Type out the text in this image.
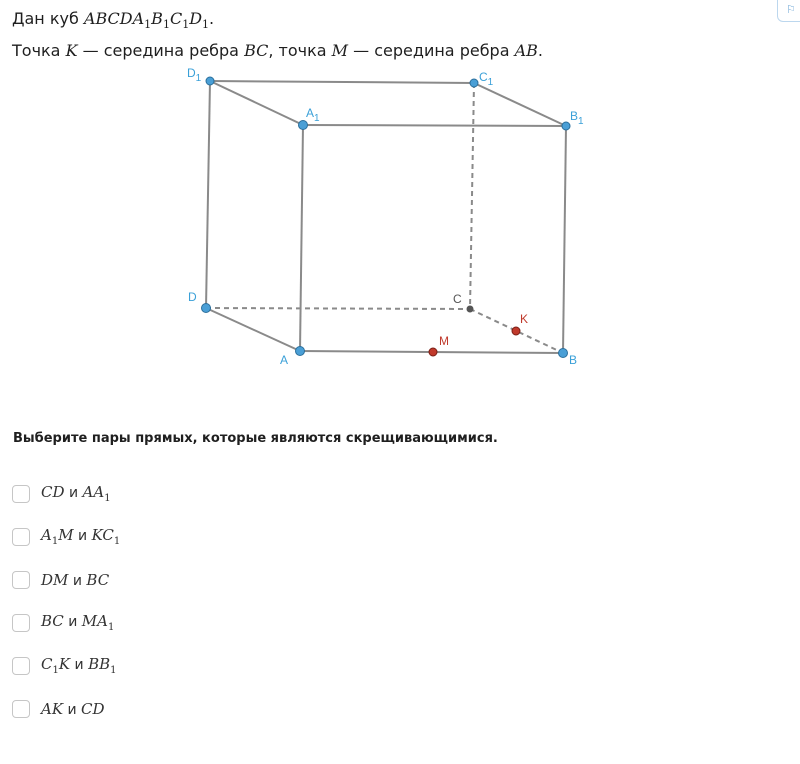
Дан куб $ABCDA_1B_1C_1D_1$.
Точка K — середина ребра BC, точка M — середина ребра AB.
⚐
$D_1$	$C_1$
$A_1$	$B_1$
D
A	B
C
K
M
Выберите пары прямых, которые являются скрещивающимися.
CD и $AA_1$
$A_1M$ и $KC_1$
DM и BC
BC и $MA_1$
$C_1K$ и $BB_1$
AK и CD
